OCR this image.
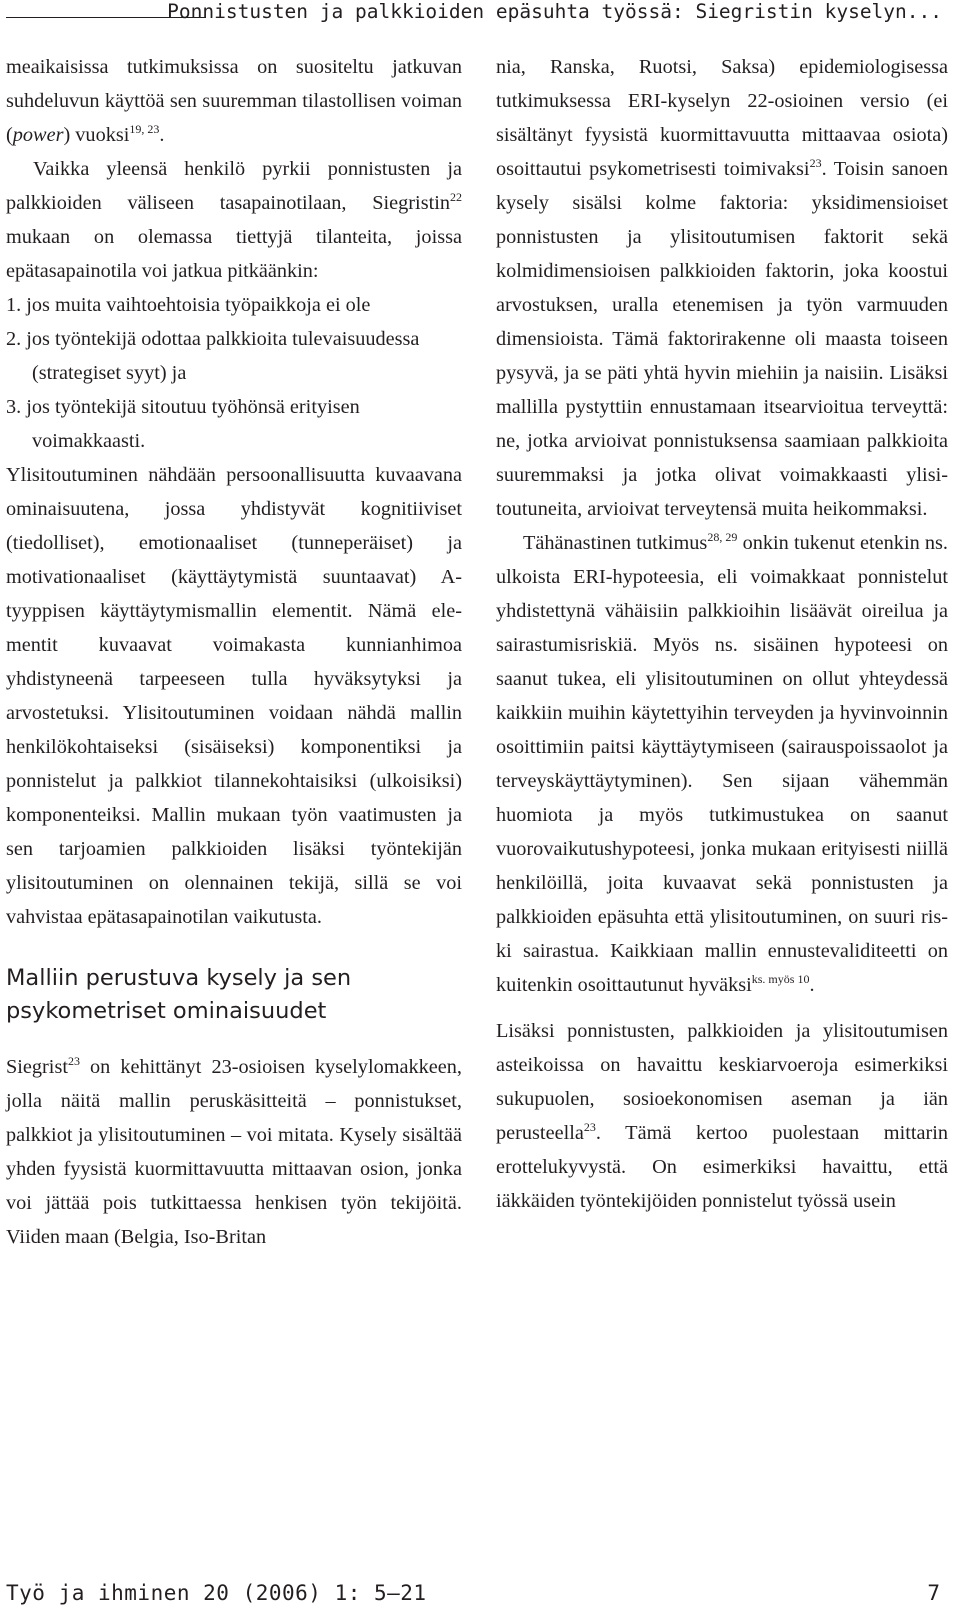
Ponnistusten ja palkkioiden epäsuhta työssä: Siegristin kyselyn...

meaikaisissa tutkimuksissa on suositeltu jatkuvan suhdeluvun käyttöä sen suuremman tilastollisen voiman (power) vuoksi$^{19, 23}$.

Vaikka yleensä henkilö pyrkii ponnistusten ja palkkioiden väliseen tasapainotilaan, Siegristin$^{22}$ mukaan on olemassa tiettyjä tilanteita, joissa epätasapainotila voi jatkua pitkäänkin:

1. jos muita vaihtoehtoisia työpaikkoja ei ole
2. jos työntekijä odottaa palkkioita tulevaisuudessa (strategiset syyt) ja
3. jos työntekijä sitoutuu työhönsä erityisen voimakkaasti.

Ylisitoutuminen nähdään persoonallisuutta kuvaavana ominaisuutena, jossa yhdistyvät kognitiiviset (tiedolliset), emotionaaliset (tunneperäiset) ja motivationaaliset (käyttäytymistä suuntaavat) A-tyyppisen käyttäytymismallin elementit. Nämä elementit kuvaavat voimakasta kunnianhimoa yhdistyneenä tarpeeseen tulla hyväksytyksi ja arvostetuksi. Ylisitoutuminen voidaan nähdä mallin henkilökohtaiseksi (sisäiseksi) komponentiksi ja ponnistelut ja palkkiot tilannekohtaisiksi (ulkoisiksi) komponenteiksi. Mallin mukaan työn vaatimusten ja sen tarjoamien palkkioiden lisäksi työntekijän ylisitoutuminen on olennainen tekijä, sillä se voi vahvistaa epätasapainotilan vaikutusta.

Malliin perustuva kysely ja sen psykometriset ominaisuudet

Siegrist$^{23}$ on kehittänyt 23-osioisen kyselylomakkeen, jolla näitä mallin peruskäsitteitä – ponnistukset, palkkiot ja ylisitoutuminen – voi mitata. Kysely sisältää yhden fyysistä kuormittavuutta mittaavan osion, jonka voi jättää pois tutkittaessa henkisen työn tekijöitä. Viiden maan (Belgia, Iso-Britan

nia, Ranska, Ruotsi, Saksa) epidemiologisessa tutkimuksessa ERI-kyselyn 22-osioinen versio (ei sisältänyt fyysistä kuormittavuutta mittaavaa osiota) osoittautui psykometrisesti toimivaksi$^{23}$. Toisin sanoen kysely sisälsi kolme faktoria: yksidimensioiset ponnistusten ja ylisitoutumisen faktorit sekä kolmidimensioisen palkkioiden faktorin, joka koostui arvostuksen, uralla etenemisen ja työn varmuuden dimensioista. Tämä faktorirakenne oli maasta toiseen pysyvä, ja se päti yhtä hyvin miehiin ja naisiin. Lisäksi mallilla pystyttiin ennustamaan itsearvioitua terveyttä: ne, jotka arvioivat ponnistuksensa saamiaan palkkioita suuremmaksi ja jotka olivat voimakkaasti ylisitoutuneita, arvioivat terveytensä muita heikommaksi.

Tähänastinen tutkimus$^{28, 29}$ onkin tukenut etenkin ns. ulkoista ERI-hypoteesia, eli voimakkaat ponnistelut yhdistettynä vähäisiin palkkioihin lisäävät oireilua ja sairastumisriskiä. Myös ns. sisäinen hypoteesi on saanut tukea, eli ylisitoutuminen on ollut yhteydessä kaikkiin muihin käytettyihin terveyden ja hyvinvoinnin osoittimiin paitsi käyttäytymiseen (sairauspoissaolot ja terveyskäyttäytyminen). Sen sijaan vähemmän huomiota ja myös tutkimustukea on saanut vuorovaikutushypoteesi, jonka mukaan erityisesti niillä henkilöillä, joita kuvaavat sekä ponnistusten ja palkkioiden epäsuhta että ylisitoutuminen, on suuri riski sairastua. Kaikkiaan mallin ennustevaliditeetti on kuitenkin osoittautunut hyväksi$^{ks. myös 10}$.

Lisäksi ponnistusten, palkkioiden ja ylisitoutumisen asteikoissa on havaittu keskiarvoeroja esimerkiksi sukupuolen, sosioekonomisen aseman ja iän perusteella$^{23}$. Tämä kertoo puolestaan mittarin erottelukyvystä. On esimerkiksi havaittu, että iäkkäiden työntekijöiden ponnistelut työssä usein

Työ ja ihminen 20 (2006) 1: 5—21	7
